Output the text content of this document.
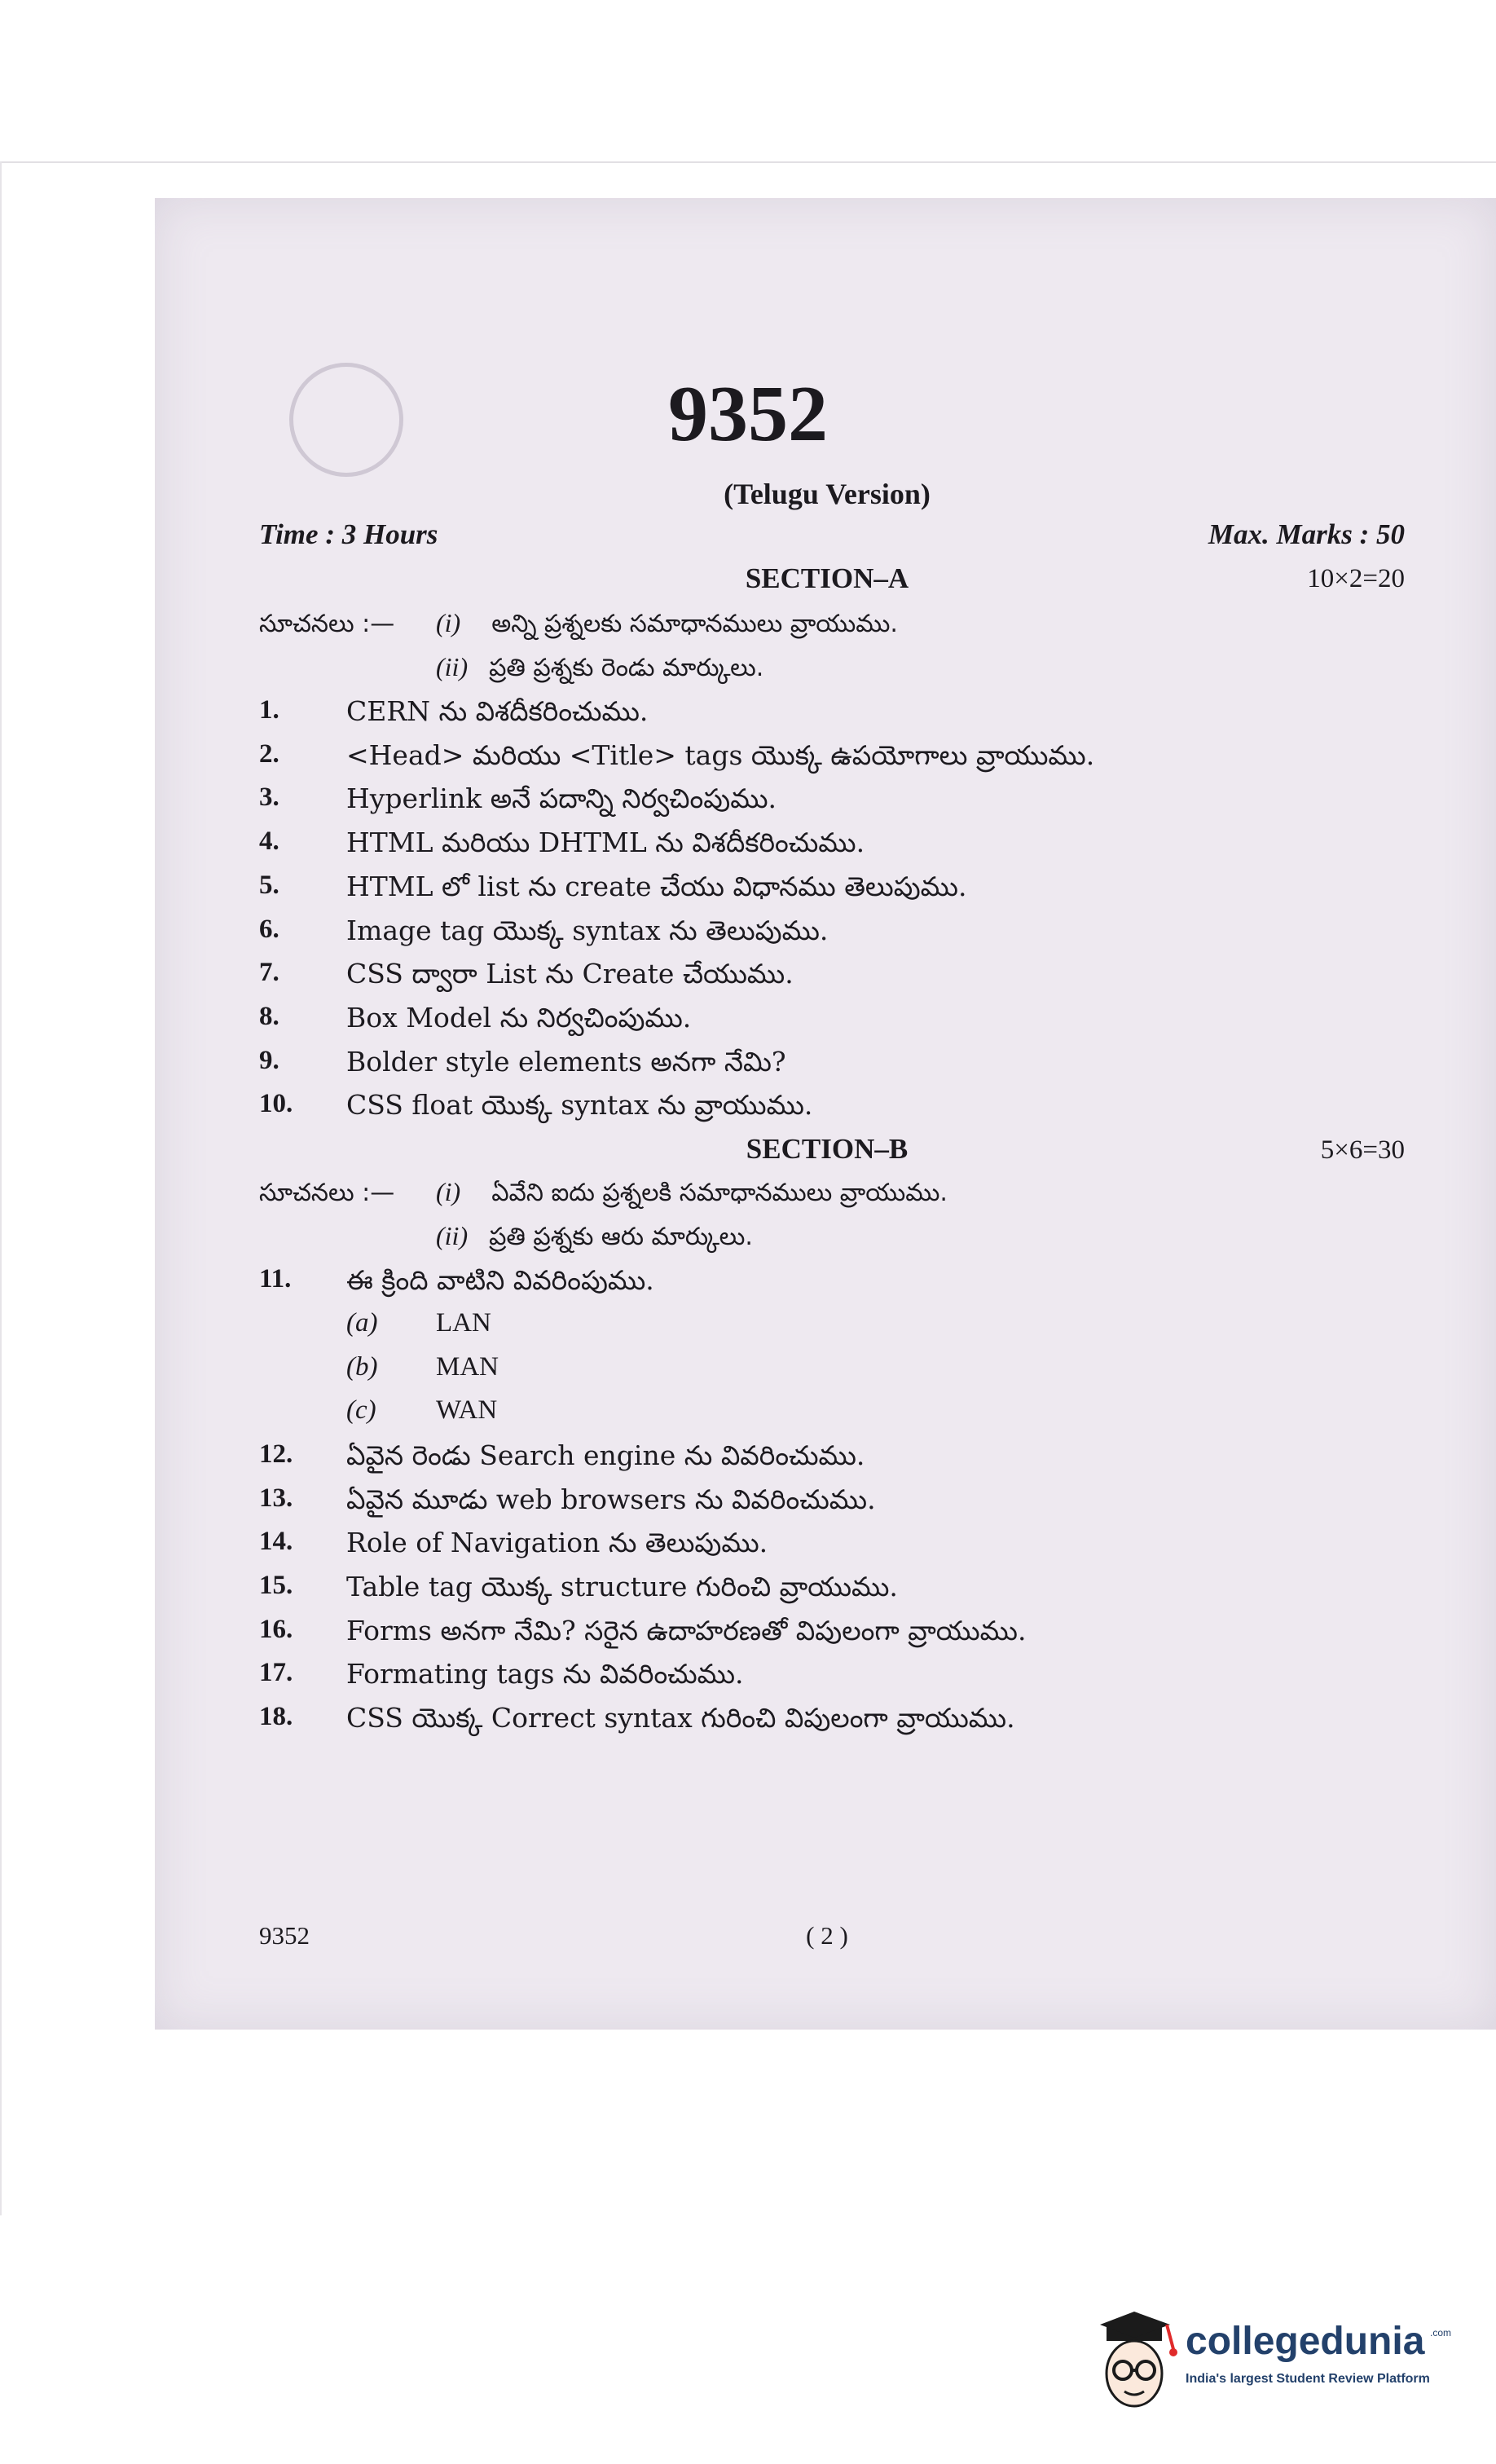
9352
(Telugu Version)
Time : 3 Hours	Max. Marks : 50
SECTION–A	10×2=20
సూచనలు :— (i) అన్ని ప్రశ్నలకు సమాధానములు వ్రాయుము.
(ii) ప్రతి ప్రశ్నకు రెండు మార్కులు.
1. CERN ను విశదీకరించుము.
2. <Head> మరియు <Title> tags యొక్క ఉపయోగాలు వ్రాయుము.
3. Hyperlink అనే పదాన్ని నిర్వచింపుము.
4. HTML మరియు DHTML ను విశదీకరించుము.
5. HTML లో list ను create చేయు విధానము తెలుపుము.
6. Image tag యొక్క syntax ను తెలుపుము.
7. CSS ద్వారా List ను Create చేయుము.
8. Box Model ను నిర్వచింపుము.
9. Bolder style elements అనగా నేమి?
10. CSS float యొక్క syntax ను వ్రాయుము.
SECTION–B	5×6=30
సూచనలు :— (i) ఏవేని ఐదు ప్రశ్నలకి సమాధానములు వ్రాయుము.
(ii) ప్రతి ప్రశ్నకు ఆరు మార్కులు.
11. ఈ క్రింది వాటిని వివరింపుము.
(a) LAN
(b) MAN
(c) WAN
12. ఏవైన రెండు Search engine ను వివరించుము.
13. ఏవైన మూడు web browsers ను వివరించుము.
14. Role of Navigation ను తెలుపుము.
15. Table tag యొక్క structure గురించి వ్రాయుము.
16. Forms అనగా నేమి? సరైన ఉదాహరణతో విపులంగా వ్రాయుము.
17. Formating tags ను వివరించుము.
18. CSS యొక్క Correct syntax గురించి విపులంగా వ్రాయుము.
9352	( 2 )
collegedunia .com
India's largest Student Review Platform
